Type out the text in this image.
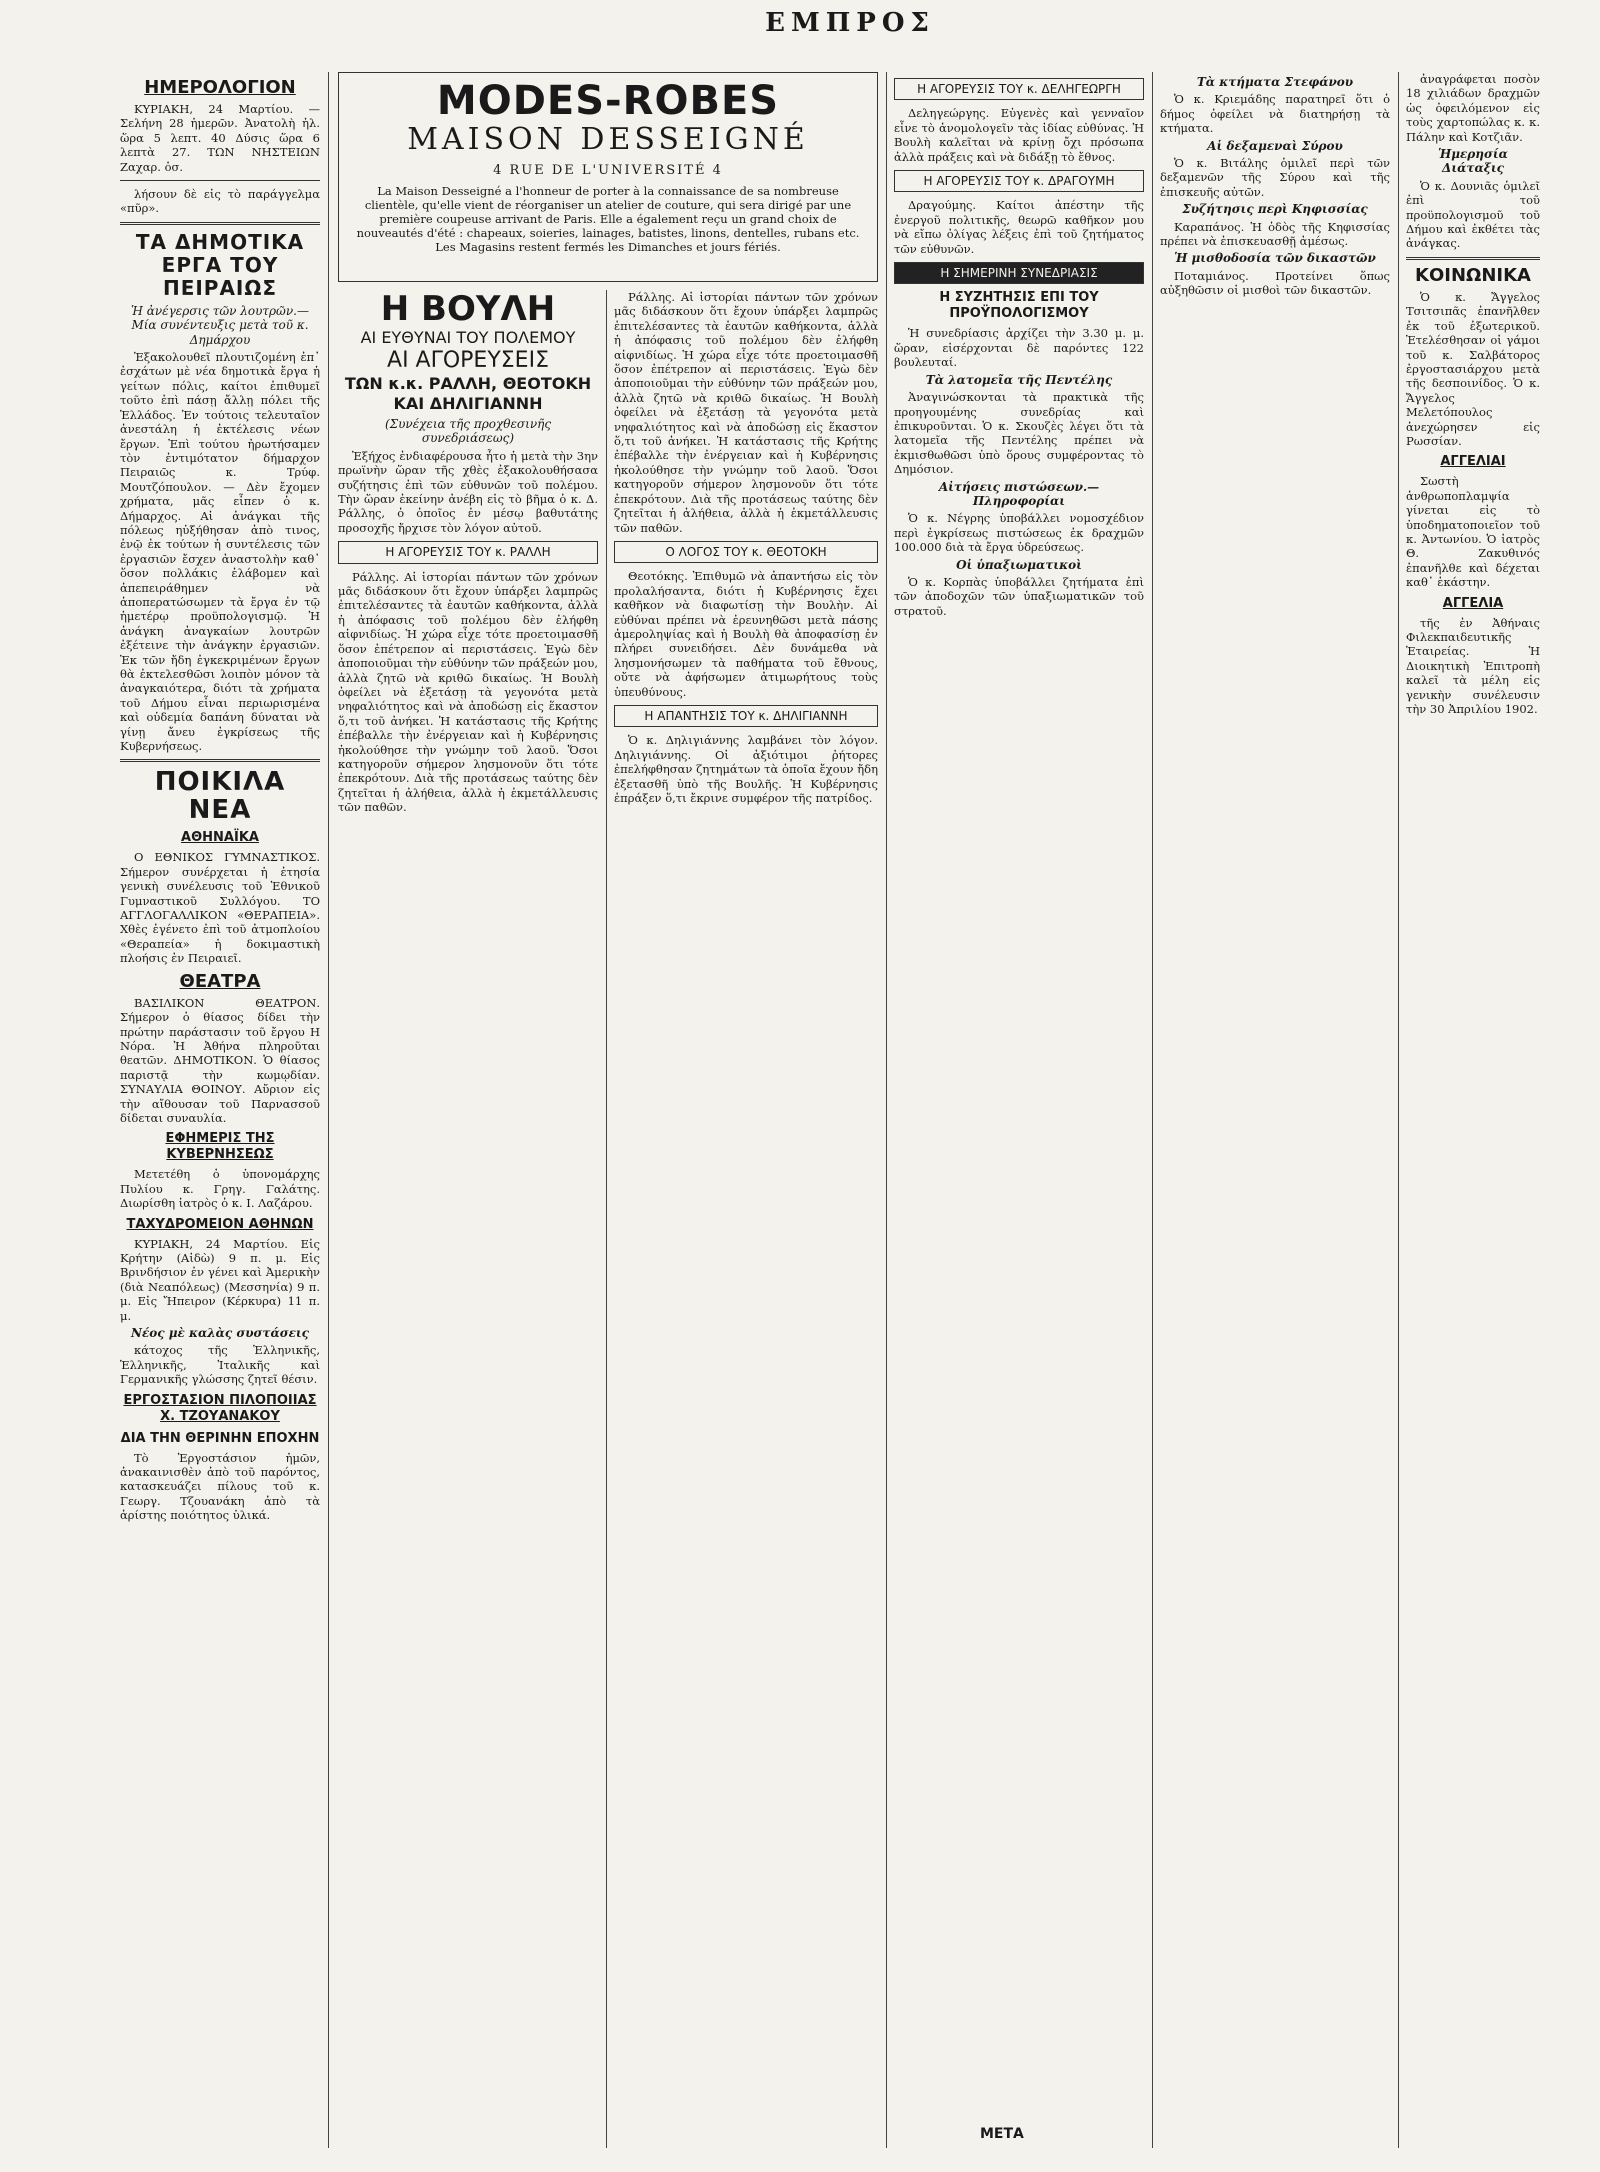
ΕΜΠΡΟΣ
ΗΜΕΡΟΛΟΓΙΟΝ

ΚΥΡΙΑΚΗ, 24 Μαρτίου. — Σελήνη 28 ἡμερῶν. Ἀνατολὴ ἡλ. ὥρα 5 λεπτ. 40 Δύσις ὥρα 6 λεπτὰ 27. ΤΩΝ ΝΗΣΤΕΙΩΝ Ζαχαρ. ὁσ.

λήσουν δὲ εἰς τὸ παράγγελμα «πῦρ».

ΤΑ ΔΗΜΟΤΙΚΑ ΕΡΓΑ ΤΟΥ ΠΕΙΡΑΙΩΣ
Ἡ ἀνέγερσις τῶν λουτρῶν.— Μία συνέντευξις μετὰ τοῦ κ. Δημάρχου

Ἐξακολουθεῖ πλουτιζομένη ἐπ᾽ ἐσχάτων μὲ νέα δημοτικὰ ἔργα ἡ γείτων πόλις, καίτοι ἐπιθυμεῖ τοῦτο ἐπὶ πάσῃ ἄλλῃ πόλει τῆς Ἑλλάδος. Ἐν τούτοις τελευταῖον ἀνεστάλη ἡ ἐκτέλεσις νέων ἔργων. Ἐπὶ τούτου ἠρωτήσαμεν τὸν ἐντιμότατον δήμαρχον Πειραιῶς κ. Τρύφ. Μουτζόπουλον. — Δὲν ἔχομεν χρήματα, μᾶς εἶπεν ὁ κ. Δήμαρχος. Αἱ ἀνάγκαι τῆς πόλεως ηὐξήθησαν ἀπὸ τινος, ἐνῷ ἐκ τούτων ἡ συντέλεσις τῶν ἐργασιῶν ἔσχεν ἀναστολὴν καθ᾽ ὅσον πολλάκις ἐλάβομεν καὶ ἀπεπειράθημεν νὰ ἀποπερατώσωμεν τὰ ἔργα ἐν τῷ ἡμετέρῳ προϋπολογισμῷ. Ἡ ἀνάγκη ἀναγκαίων λουτρῶν ἐξέτεινε τὴν ἀνάγκην ἐργασιῶν. Ἐκ τῶν ἤδη ἐγκεκριμένων ἔργων θὰ ἐκτελεσθῶσι λοιπὸν μόνον τὰ ἀναγκαιότερα, διότι τὰ χρήματα τοῦ Δήμου εἶναι περιωρισμένα καὶ οὐδεμία δαπάνη δύναται νὰ γίνῃ ἄνευ ἐγκρίσεως τῆς Κυβερνήσεως.

ΠΟΙΚΙΛΑ ΝΕΑ
ΑΘΗΝΑΪΚΑ

Ο ΕΘΝΙΚΟΣ ΓΥΜΝΑΣΤΙΚΟΣ. Σήμερον συνέρχεται ἡ ἐτησία γενικὴ συνέλευσις τοῦ Ἐθνικοῦ Γυμναστικοῦ Συλλόγου. ΤΟ ΑΓΓΛΟΓΑΛΛΙΚΟΝ «ΘΕΡΑΠΕΙΑ». Χθὲς ἐγένετο ἐπὶ τοῦ ἀτμοπλοίου «Θεραπεία» ἡ δοκιμαστικὴ πλοήσις ἐν Πειραιεῖ.

ΘΕΑΤΡΑ

ΒΑΣΙΛΙΚΟΝ ΘΕΑΤΡΟΝ. Σήμερον ὁ θίασος δίδει τὴν πρώτην παράστασιν τοῦ ἔργου Η Νόρα. Ἡ Ἀθήνα πληροῦται θεατῶν. ΔΗΜΟΤΙΚΟΝ. Ὁ θίασος παριστᾷ τὴν κωμῳδίαν. ΣΥΝΑΥΛΙΑ ΘΟΙΝΟΥ. Αὔριον εἰς τὴν αἴθουσαν τοῦ Παρνασσοῦ δίδεται συναυλία.

ΕΦΗΜΕΡΙΣ ΤΗΣ ΚΥΒΕΡΝΗΣΕΩΣ

Μετετέθη ὁ ὑπονομάρχης Πυλίου κ. Γρηγ. Γαλάτης. Διωρίσθη ἰατρὸς ὁ κ. Ι. Λαζάρου.

ΤΑΧΥΔΡΟΜΕΙΟΝ ΑΘΗΝΩΝ

ΚΥΡΙΑΚΗ, 24 Μαρτίου. Εἰς Κρήτην (Αἰδὼ) 9 π. μ. Εἰς Βρινδήσιον ἐν γένει καὶ Ἀμερικὴν (διὰ Νεαπόλεως) (Μεσσηνία) 9 π. μ. Εἰς Ἤπειρον (Κέρκυρα) 11 π. μ.

Νέος μὲ καλὰς συστάσεις

κάτοχος τῆς Ἑλληνικῆς, Ἑλληνικῆς, Ἰταλικῆς καὶ Γερμανικῆς γλώσσης ζητεῖ θέσιν.

ΕΡΓΟΣΤΑΣΙΟΝ ΠΙΛΟΠΟΙΙΑΣ Χ. ΤΖΟΥΑΝΑΚΟΥ
ΔΙΑ ΤΗΝ ΘΕΡΙΝΗΝ ΕΠΟΧΗΝ

Τὸ Ἐργοστάσιον ἡμῶν, ἀνακαινισθὲν ἀπὸ τοῦ παρόντος, κατασκευάζει πίλους τοῦ κ. Γεωργ. Τζουανάκη ἀπὸ τὰ ἀρίστης ποιότητος ὑλικά.

MODES-ROBES
MAISON DESSEIGNÉ
4 RUE DE L'UNIVERSITÉ 4
La Maison Desseigné a l'honneur de porter à la connaissance de sa nombreuse clientèle, qu'elle vient de réorganiser un atelier de couture, qui sera dirigé par une première coupeuse arrivant de Paris. Elle a également reçu un grand choix de nouveautés d'été : chapeaux, soieries, lainages, batistes, linons, dentelles, rubans etc. Les Magasins restent fermés les Dimanches et jours fériés.
Η ΒΟΥΛΗ
ΑΙ ΕΥΘΥΝΑΙ ΤΟΥ ΠΟΛΕΜΟΥ
ΑΙ ΑΓΟΡΕΥΣΕΙΣ
ΤΩΝ κ.κ. ΡΑΛΛΗ, ΘΕΟΤΟΚΗ ΚΑΙ ΔΗΛΙΓΙΑΝΝΗ
(Συνέχεια τῆς προχθεσινῆς συνεδριάσεως)

Ἐξήχος ἐνδιαφέρουσα ἦτο ἡ μετὰ τὴν 3ην πρωϊνὴν ὥραν τῆς χθὲς ἐξακολουθήσασα συζήτησις ἐπὶ τῶν εὐθυνῶν τοῦ πολέμου. Τὴν ὥραν ἐκείνην ἀνέβη εἰς τὸ βῆμα ὁ κ. Δ. Ράλλης, ὁ ὁποῖος ἐν μέσῳ βαθυτάτης προσοχῆς ἤρχισε τὸν λόγον αὐτοῦ.

Η ΑΓΟΡΕΥΣΙΣ ΤΟΥ κ. ΡΑΛΛΗ

Ράλλης. Αἱ ἱστορίαι πάντων τῶν χρόνων μᾶς διδάσκουν ὅτι ἔχουν ὑπάρξει λαμπρῶς ἐπιτελέσαντες τὰ ἑαυτῶν καθήκοντα, ἀλλὰ ἡ ἀπόφασις τοῦ πολέμου δὲν ἐλήφθη αἰφνιδίως. Ἡ χώρα εἶχε τότε προετοιμασθῆ ὅσον ἐπέτρεπον αἱ περιστάσεις. Ἐγὼ δὲν ἀποποιοῦμαι τὴν εὐθύνην τῶν πράξεών μου, ἀλλὰ ζητῶ νὰ κριθῶ δικαίως. Ἡ Βουλὴ ὀφείλει νὰ ἐξετάσῃ τὰ γεγονότα μετὰ νηφαλιότητος καὶ νὰ ἀποδώσῃ εἰς ἕκαστον ὅ,τι τοῦ ἀνήκει. Ἡ κατάστασις τῆς Κρήτης ἐπέβαλλε τὴν ἐνέργειαν καὶ ἡ Κυβέρνησις ἠκολούθησε τὴν γνώμην τοῦ λαοῦ. Ὅσοι κατηγοροῦν σήμερον λησμονοῦν ὅτι τότε ἐπεκρότουν. Διὰ τῆς προτάσεως ταύτης δὲν ζητεῖται ἡ ἀλήθεια, ἀλλὰ ἡ ἐκμετάλλευσις τῶν παθῶν.

Ράλλης. Αἱ ἱστορίαι πάντων τῶν χρόνων μᾶς διδάσκουν ὅτι ἔχουν ὑπάρξει λαμπρῶς ἐπιτελέσαντες τὰ ἑαυτῶν καθήκοντα, ἀλλὰ ἡ ἀπόφασις τοῦ πολέμου δὲν ἐλήφθη αἰφνιδίως. Ἡ χώρα εἶχε τότε προετοιμασθῆ ὅσον ἐπέτρεπον αἱ περιστάσεις. Ἐγὼ δὲν ἀποποιοῦμαι τὴν εὐθύνην τῶν πράξεών μου, ἀλλὰ ζητῶ νὰ κριθῶ δικαίως. Ἡ Βουλὴ ὀφείλει νὰ ἐξετάσῃ τὰ γεγονότα μετὰ νηφαλιότητος καὶ νὰ ἀποδώσῃ εἰς ἕκαστον ὅ,τι τοῦ ἀνήκει. Ἡ κατάστασις τῆς Κρήτης ἐπέβαλλε τὴν ἐνέργειαν καὶ ἡ Κυβέρνησις ἠκολούθησε τὴν γνώμην τοῦ λαοῦ. Ὅσοι κατηγοροῦν σήμερον λησμονοῦν ὅτι τότε ἐπεκρότουν. Διὰ τῆς προτάσεως ταύτης δὲν ζητεῖται ἡ ἀλήθεια, ἀλλὰ ἡ ἐκμετάλλευσις τῶν παθῶν.

Ο ΛΟΓΟΣ ΤΟΥ κ. ΘΕΟΤΟΚΗ

Θεοτόκης. Ἐπιθυμῶ νὰ ἀπαντήσω εἰς τὸν προλαλήσαντα, διότι ἡ Κυβέρνησις ἔχει καθῆκον νὰ διαφωτίσῃ τὴν Βουλὴν. Αἱ εὐθύναι πρέπει νὰ ἐρευνηθῶσι μετὰ πάσης ἀμεροληψίας καὶ ἡ Βουλὴ θὰ ἀποφασίσῃ ἐν πλήρει συνειδήσει. Δὲν δυνάμεθα νὰ λησμονήσωμεν τὰ παθήματα τοῦ ἔθνους, οὔτε νὰ ἀφήσωμεν ἀτιμωρήτους τοὺς ὑπευθύνους.

Η ΑΠΑΝΤΗΣΙΣ ΤΟΥ κ. ΔΗΛΙΓΙΑΝΝΗ

Ὁ κ. Δηλιγιάννης λαμβάνει τὸν λόγον. Δηλιγιάννης. Οἱ ἀξιότιμοι ῥήτορες ἐπελήφθησαν ζητημάτων τὰ ὁποῖα ἔχουν ἤδη ἐξετασθῆ ὑπὸ τῆς Βουλῆς. Ἡ Κυβέρνησις ἐπράξεν ὅ,τι ἔκρινε συμφέρον τῆς πατρίδος.

Η ΑΓΟΡΕΥΣΙΣ ΤΟΥ κ. ΔΕΛΗΓΕΩΡΓΗ

Δεληγεώργης. Εὐγενὲς καὶ γενναῖον εἶνε τὸ ἀνομολογεῖν τὰς ἰδίας εὐθύνας. Ἡ Βουλὴ καλεῖται νὰ κρίνῃ ὄχι πρόσωπα ἀλλὰ πράξεις καὶ νὰ διδάξῃ τὸ ἔθνος.

Η ΑΓΟΡΕΥΣΙΣ ΤΟΥ κ. ΔΡΑΓΟΥΜΗ

Δραγούμης. Καίτοι ἀπέστην τῆς ἐνεργοῦ πολιτικῆς, θεωρῶ καθῆκον μου νὰ εἴπω ὀλίγας λέξεις ἐπὶ τοῦ ζητήματος τῶν εὐθυνῶν.

Η ΣΗΜΕΡΙΝΗ ΣΥΝΕΔΡΙΑΣΙΣ
Η ΣΥΖΗΤΗΣΙΣ ΕΠΙ ΤΟΥ ΠΡΟΫΠΟΛΟΓΙΣΜΟΥ

Ἡ συνεδρίασις ἀρχίζει τὴν 3.30 μ. μ. ὥραν, εἰσέρχονται δὲ παρόντες 122 βουλευταί.

Τὰ λατομεῖα τῆς Πεντέλης

Ἀναγινώσκονται τὰ πρακτικὰ τῆς προηγουμένης συνεδρίας καὶ ἐπικυροῦνται. Ὁ κ. Σκουζὲς λέγει ὅτι τὰ λατομεῖα τῆς Πεντέλης πρέπει νὰ ἐκμισθωθῶσι ὑπὸ ὅρους συμφέροντας τὸ Δημόσιον.

Αἰτήσεις πιστώσεων.— Πληροφορίαι

Ὁ κ. Νέγρης ὑποβάλλει νομοσχέδιον περὶ ἐγκρίσεως πιστώσεως ἐκ δραχμῶν 100.000 διὰ τὰ ἔργα ὑδρεύσεως.

Οἱ ὑπαξιωματικοὶ

Ὁ κ. Κορπὰς ὑποβάλλει ζητήματα ἐπὶ τῶν ἀποδοχῶν τῶν ὑπαξιωματικῶν τοῦ στρατοῦ.

Τὰ κτήματα Στεφάνου

Ὁ κ. Κριεμάδης παρατηρεῖ ὅτι ὁ δήμος ὀφείλει νὰ διατηρήσῃ τὰ κτήματα.

Αἱ δεξαμεναὶ Σύρου

Ὁ κ. Βιτάλης ὁμιλεῖ περὶ τῶν δεξαμενῶν τῆς Σύρου καὶ τῆς ἐπισκευῆς αὐτῶν.

Συζήτησις περὶ Κηφισσίας

Καραπάνος. Ἡ ὁδὸς τῆς Κηφισσίας πρέπει νὰ ἐπισκευασθῇ ἀμέσως.

Ἡ μισθοδοσία τῶν δικαστῶν

Ποταμιάνος. Προτείνει ὅπως αὐξηθῶσιν οἱ μισθοὶ τῶν δικαστῶν.

ἀναγράφεται ποσὸν 18 χιλιάδων δραχμῶν ὡς ὀφειλόμενον εἰς τοὺς χαρτοπώλας κ. κ. Πάλην καὶ Κοτζιᾶν.

Ἡμερησία Διάταξις

Ὁ κ. Δουνιᾶς ὁμιλεῖ ἐπὶ τοῦ προϋπολογισμοῦ τοῦ Δήμου καὶ ἐκθέτει τὰς ἀνάγκας.

ΚΟΙΝΩΝΙΚΑ

Ὁ κ. Ἄγγελος Τσιτσιπᾶς ἐπανῆλθεν ἐκ τοῦ ἐξωτερικοῦ. Ἐτελέσθησαν οἱ γάμοι τοῦ κ. Σαλβάτορος ἐργοστασιάρχου μετὰ τῆς δεσποινίδος. Ὁ κ. Ἄγγελος Μελετόπουλος ἀνεχώρησεν εἰς Ρωσσίαν.

ΑΓΓΕΛΙΑΙ

Σωστὴ ἀνθρωποπλαμψία γίνεται εἰς τὸ ὑποδηματοποιεῖον τοῦ κ. Ἀντωνίου. Ὁ ἰατρὸς Θ. Ζακυθινός ἐπανῆλθε καὶ δέχεται καθ᾽ ἑκάστην.

ΑΓΓΕΛΙΑ

τῆς ἐν Ἀθήναις Φιλεκπαιδευτικῆς Ἑταιρείας. Ἡ Διοικητικὴ Ἐπιτροπὴ καλεῖ τὰ μέλη εἰς γενικὴν συνέλευσιν τὴν 30 Ἀπριλίου 1902.

ΜΕΤΑ
